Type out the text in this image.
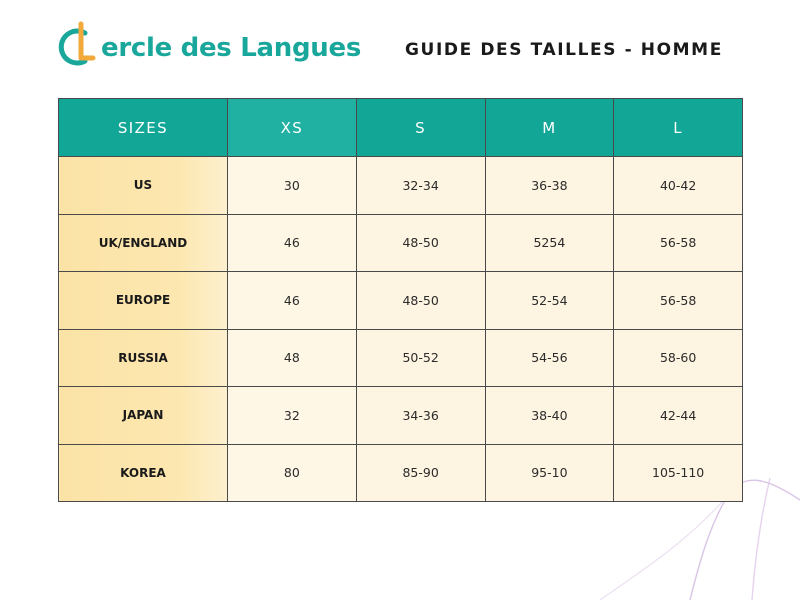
ercle des Langues	GUIDE DES TAILLES - HOMME
SIZES	XS	S	M	L
US	30	32-34	36-38	40-42
UK/ENGLAND	46	48-50	5254	56-58
EUROPE	46	48-50	52-54	56-58
RUSSIA	48	50-52	54-56	58-60
JAPAN	32	34-36	38-40	42-44
KOREA	80	85-90	95-10	105-110
